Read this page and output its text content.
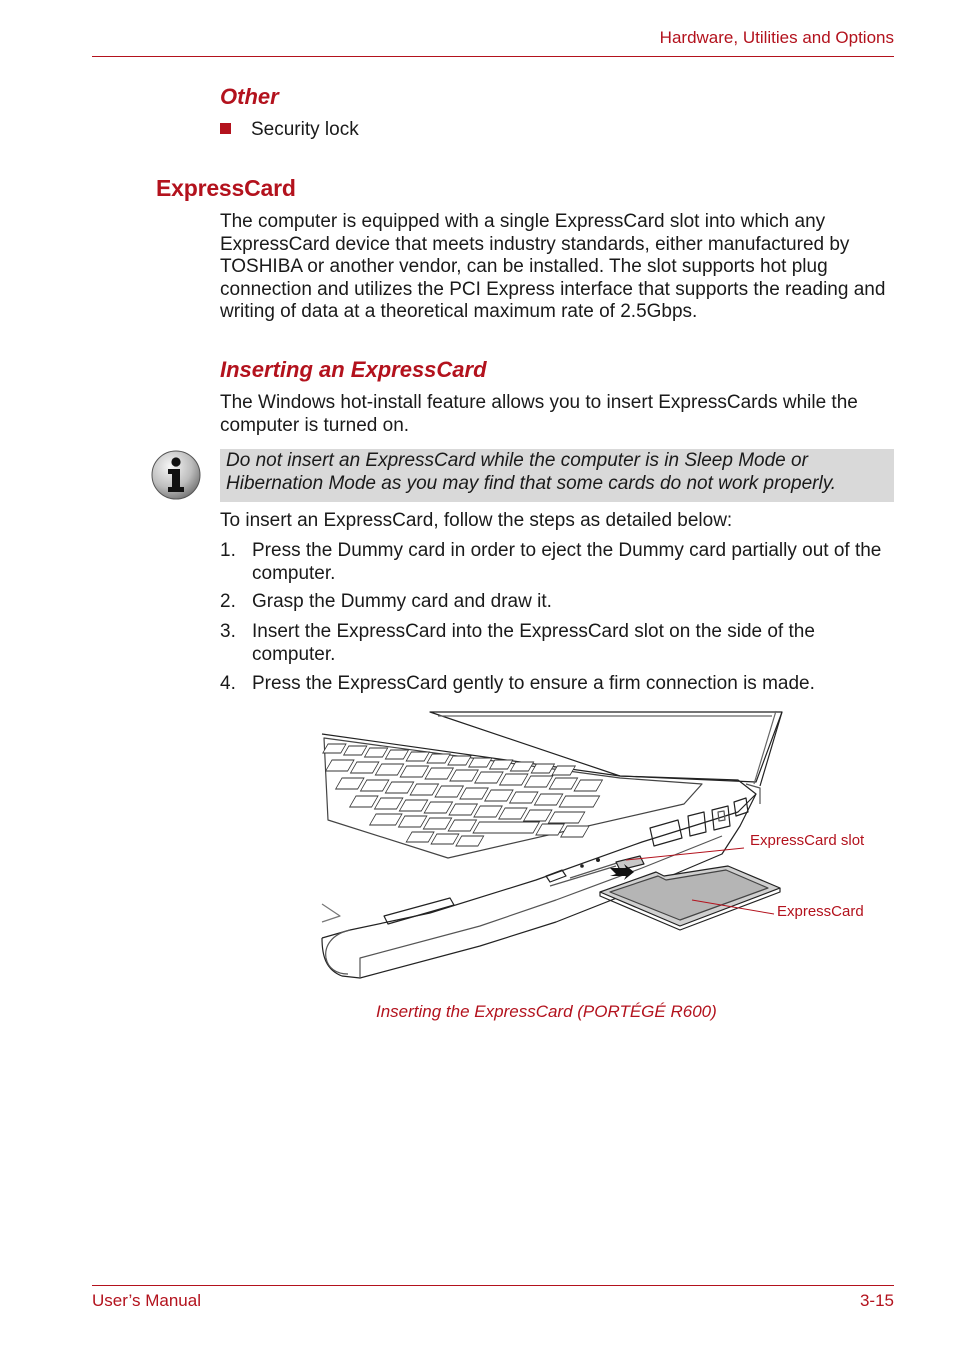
Hardware, Utilities and Options
Other
Security lock
ExpressCard
The computer is equipped with a single ExpressCard slot into which any ExpressCard device that meets industry standards, either manufactured by TOSHIBA or another vendor, can be installed. The slot supports hot plug connection and utilizes the PCI Express interface that supports the reading and writing of data at a theoretical maximum rate of 2.5Gbps.
Inserting an ExpressCard
The Windows hot-install feature allows you to insert ExpressCards while the computer is turned on.
Do not insert an ExpressCard while the computer is in Sleep Mode or Hibernation Mode as you may find that some cards do not work properly.
To insert an ExpressCard, follow the steps as detailed below:
1. Press the Dummy card in order to eject the Dummy card partially out of the computer.
2. Grasp the Dummy card and draw it.
3. Insert the ExpressCard into the ExpressCard slot on the side of the computer.
4. Press the ExpressCard gently to ensure a firm connection is made.
ExpressCard slot
ExpressCard
Inserting the ExpressCard (PORTÉGÉ R600)
User’s Manual	3-15
